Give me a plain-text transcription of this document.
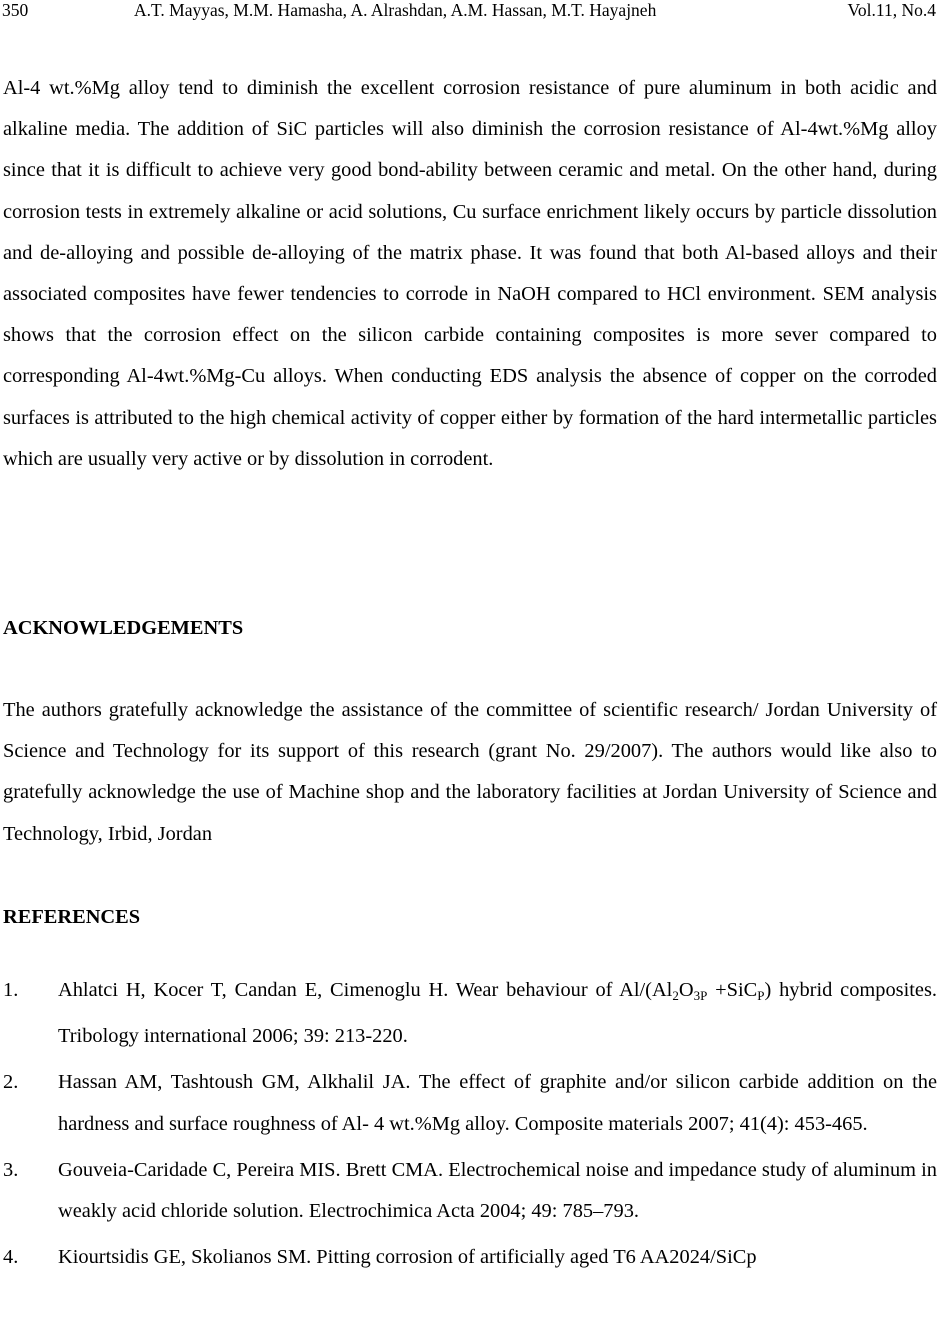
350	A.T. Mayyas, M.M. Hamasha, A. Alrashdan, A.M. Hassan, M.T. Hayajneh	Vol.11, No.4

Al-4 wt.%Mg alloy tend to diminish the excellent corrosion resistance of pure aluminum in both acidic and alkaline media. The addition of SiC particles will also diminish the corrosion resistance of Al-4wt.%Mg alloy since that it is difficult to achieve very good bond-ability between ceramic and metal. On the other hand, during corrosion tests in extremely alkaline or acid solutions, Cu surface enrichment likely occurs by particle dissolution and de-alloying and possible de-alloying of the matrix phase. It was found that both Al-based alloys and their associated composites have fewer tendencies to corrode in NaOH compared to HCl environment. SEM analysis shows that the corrosion effect on the silicon carbide containing composites is more sever compared to corresponding Al-4wt.%Mg-Cu alloys. When conducting EDS analysis the absence of copper on the corroded surfaces is attributed to the high chemical activity of copper either by formation of the hard intermetallic particles which are usually very active or by dissolution in corrodent.

ACKNOWLEDGEMENTS

The authors gratefully acknowledge the assistance of the committee of scientific research/ Jordan University of Science and Technology for its support of this research (grant No. 29/2007). The authors would like also to gratefully acknowledge the use of Machine shop and the laboratory facilities at Jordan University of Science and Technology, Irbid, Jordan

REFERENCES
1. Ahlatci H, Kocer T, Candan E, Cimenoglu H. Wear behaviour of $Al/(Al_2O_{3P} +SiC_P)$ hybrid composites. Tribology international 2006; 39: 213-220.
2. Hassan AM, Tashtoush GM, Alkhalil JA. The effect of graphite and/or silicon carbide addition on the hardness and surface roughness of Al- 4 wt.%Mg alloy. Composite materials 2007; 41(4): 453-465.
3. Gouveia-Caridade C, Pereira MIS. Brett CMA. Electrochemical noise and impedance study of aluminum in weakly acid chloride solution. Electrochimica Acta 2004; 49: 785–793.
4. Kiourtsidis GE, Skolianos SM. Pitting corrosion of artificially aged T6 AA2024/SiCp
